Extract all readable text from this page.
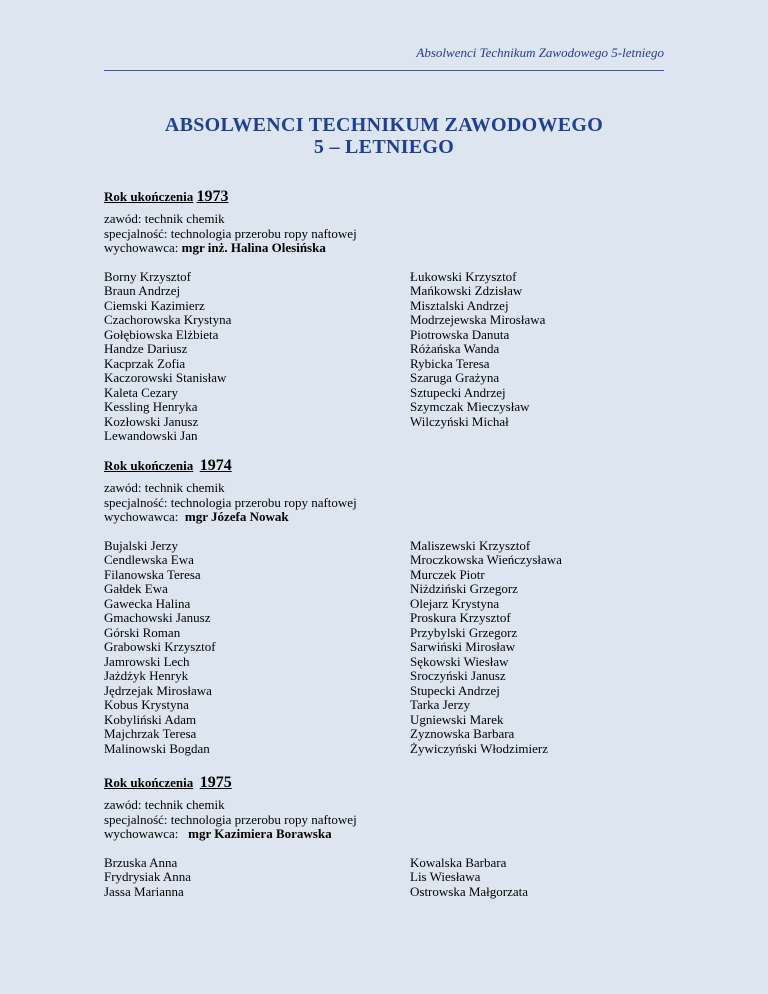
Absolwenci Technikum Zawodowego 5-letniego
ABSOLWENCI TECHNIKUM ZAWODOWEGO
5 – LETNIEGO
Rok ukończenia 1973
zawód: technik chemik
specjalność: technologia przerobu ropy naftowej
wychowawca: mgr inż. Halina Olesińska
Borny Krzysztof
Braun Andrzej
Ciemski Kazimierz
Czachorowska Krystyna
Gołębiowska Elżbieta
Handze Dariusz
Kacprzak Zofia
Kaczorowski Stanisław
Kaleta Cezary
Kessling Henryka
Kozłowski Janusz
Lewandowski Jan
Łukowski Krzysztof
Mańkowski Zdzisław
Misztalski Andrzej
Modrzejewska Mirosława
Piotrowska Danuta
Różańska Wanda
Rybicka Teresa
Szaruga Grażyna
Sztupecki Andrzej
Szymczak Mieczysław
Wilczyński Michał
Rok ukończenia 1974
zawód: technik chemik
specjalność: technologia przerobu ropy naftowej
wychowawca: mgr Józefa Nowak
Bujalski Jerzy
Cendlewska Ewa
Filanowska Teresa
Gałdek Ewa
Gawecka Halina
Gmachowski Janusz
Górski Roman
Grabowski Krzysztof
Jamrowski Lech
Jażdżyk Henryk
Jędrzejak Mirosława
Kobus Krystyna
Kobyliński Adam
Majchrzak Teresa
Malinowski Bogdan
Maliszewski Krzysztof
Mroczkowska Wieńczysława
Murczek Piotr
Niżdziński Grzegorz
Olejarz Krystyna
Proskura Krzysztof
Przybylski Grzegorz
Sarwiński Mirosław
Sękowski Wiesław
Sroczyński Janusz
Stupecki Andrzej
Tarka Jerzy
Ugniewski Marek
Zyznowska Barbara
Żywiczyński Włodzimierz
Rok ukończenia 1975
zawód: technik chemik
specjalność: technologia przerobu ropy naftowej
wychowawca: mgr Kazimiera Borawska
Brzuska Anna
Frydrysiak Anna
Jassa Marianna
Kowalska Barbara
Lis Wiesława
Ostrowska Małgorzata
